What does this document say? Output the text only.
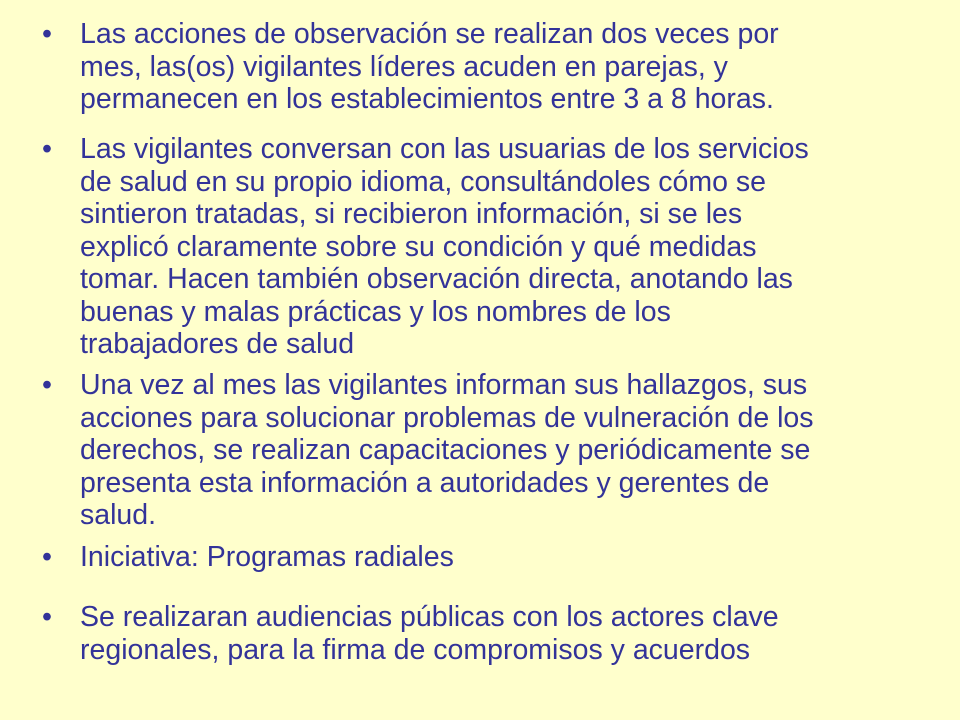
• Las acciones de observación se realizan dos veces por
mes, las(os) vigilantes líderes acuden en parejas, y
permanecen en los establecimientos entre 3 a 8 horas.
• Las vigilantes conversan con las usuarias de los servicios
de salud en su propio idioma, consultándoles cómo se
sintieron tratadas, si recibieron información, si se les
explicó claramente sobre su condición y qué medidas
tomar. Hacen también observación directa, anotando las
buenas y malas prácticas y los nombres de los
trabajadores de salud
• Una vez al mes las vigilantes informan sus hallazgos, sus
acciones para solucionar problemas de vulneración de los
derechos, se realizan capacitaciones y periódicamente se
presenta esta información a autoridades y gerentes de
salud.
• Iniciativa: Programas radiales
• Se realizaran audiencias públicas con los actores clave
regionales, para la firma de compromisos y acuerdos
